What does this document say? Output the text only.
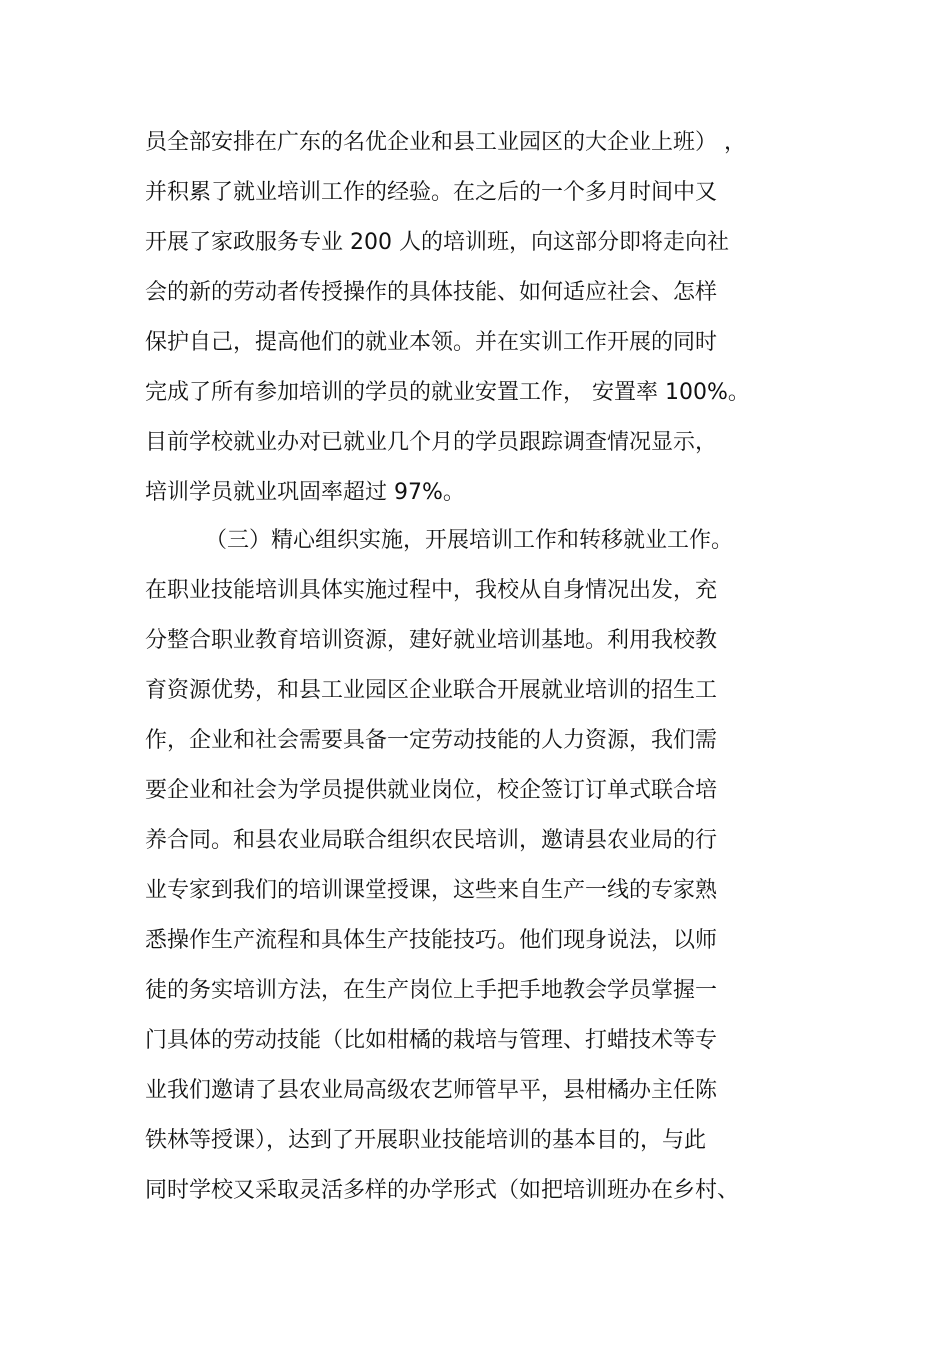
员全部安排在广东的名优企业和县工业园区的大企业上班） ，
并积累了就业培训工作的经验。在之后的一个多月时间中又
开展了家政服务专业 200 人的培训班，向这部分即将走向社
会的新的劳动者传授操作的具体技能、如何适应社会、怎样
保护自己，提高他们的就业本领。并在实训工作开展的同时
完成了所有参加培训的学员的就业安置工作， 安置率 100%。
目前学校就业办对已就业几个月的学员跟踪调查情况显示，
培训学员就业巩固率超过 97%。
（三）精心组织实施，开展培训工作和转移就业工作。
在职业技能培训具体实施过程中，我校从自身情况出发，充
分整合职业教育培训资源，建好就业培训基地。利用我校教
育资源优势，和县工业园区企业联合开展就业培训的招生工
作，企业和社会需要具备一定劳动技能的人力资源，我们需
要企业和社会为学员提供就业岗位，校企签订订单式联合培
养合同。和县农业局联合组织农民培训，邀请县农业局的行
业专家到我们的培训课堂授课，这些来自生产一线的专家熟
悉操作生产流程和具体生产技能技巧。他们现身说法，以师
徒的务实培训方法，在生产岗位上手把手地教会学员掌握一
门具体的劳动技能（比如柑橘的栽培与管理、打蜡技术等专
业我们邀请了县农业局高级农艺师管早平，县柑橘办主任陈
铁林等授课），达到了开展职业技能培训的基本目的，与此
同时学校又采取灵活多样的办学形式（如把培训班办在乡村、
